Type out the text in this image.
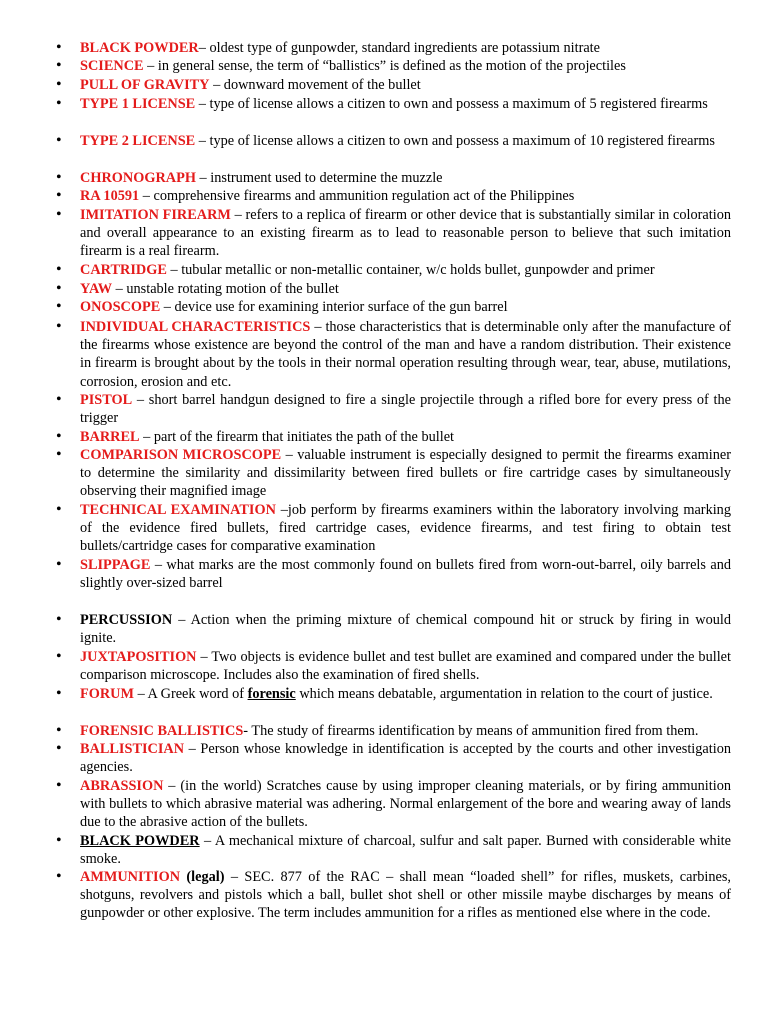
• BLACK POWDER– oldest type of gunpowder, standard ingredients are potassium nitrate
• SCIENCE – in general sense, the term of “ballistics” is defined as the motion of the projectiles
• PULL OF GRAVITY – downward movement of the bullet
• TYPE 1 LICENSE – type of license allows a citizen to own and possess a maximum of 5 registered firearms
• TYPE 2 LICENSE – type of license allows a citizen to own and possess a maximum of 10 registered firearms
• CHRONOGRAPH – instrument used to determine the muzzle
• RA 10591 – comprehensive firearms and ammunition regulation act of the Philippines
• IMITATION FIREARM – refers to a replica of firearm or other device that is substantially similar in coloration and overall appearance to an existing firearm as to lead to reasonable person to believe that such imitation firearm is a real firearm.
• CARTRIDGE – tubular metallic or non-metallic container, w/c holds bullet, gunpowder and primer
• YAW – unstable rotating motion of the bullet
• ONOSCOPE – device use for examining interior surface of the gun barrel
• INDIVIDUAL CHARACTERISTICS – those characteristics that is determinable only after the manufacture of the firearms whose existence are beyond the control of the man and have a random distribution. Their existence in firearm is brought about by the tools in their normal operation resulting through wear, tear, abuse, mutilations, corrosion, erosion and etc.
• PISTOL – short barrel handgun designed to fire a single projectile through a rifled bore for every press of the trigger
• BARREL – part of the firearm that initiates the path of the bullet
• COMPARISON MICROSCOPE – valuable instrument is especially designed to permit the firearms examiner to determine the similarity and dissimilarity between fired bullets or fire cartridge cases by simultaneously observing their magnified image
• TECHNICAL EXAMINATION –job perform by firearms examiners within the laboratory involving marking of the evidence fired bullets, fired cartridge cases, evidence firearms, and test firing to obtain test bullets/cartridge cases for comparative examination
• SLIPPAGE – what marks are the most commonly found on bullets fired from worn-out-barrel, oily barrels and slightly over-sized barrel
• PERCUSSION – Action when the priming mixture of chemical compound hit or struck by firing in would ignite.
• JUXTAPOSITION – Two objects is evidence bullet and test bullet are examined and compared under the bullet comparison microscope. Includes also the examination of fired shells.
• FORUM – A Greek word of forensic which means debatable, argumentation in relation to the court of justice.
• FORENSIC BALLISTICS- The study of firearms identification by means of ammunition fired from them.
• BALLISTICIAN – Person whose knowledge in identification is accepted by the courts and other investigation agencies.
• ABRASSION – (in the world) Scratches cause by using improper cleaning materials, or by firing ammunition with bullets to which abrasive material was adhering. Normal enlargement of the bore and wearing away of lands due to the abrasive action of the bullets.
• BLACK POWDER – A mechanical mixture of charcoal, sulfur and salt paper. Burned with considerable white smoke.
• AMMUNITION (legal) – SEC. 877 of the RAC – shall mean “loaded shell” for rifles, muskets, carbines, shotguns, revolvers and pistols which a ball, bullet shot shell or other missile maybe discharges by means of gunpowder or other explosive. The term includes ammunition for a rifles as mentioned else where in the code.
